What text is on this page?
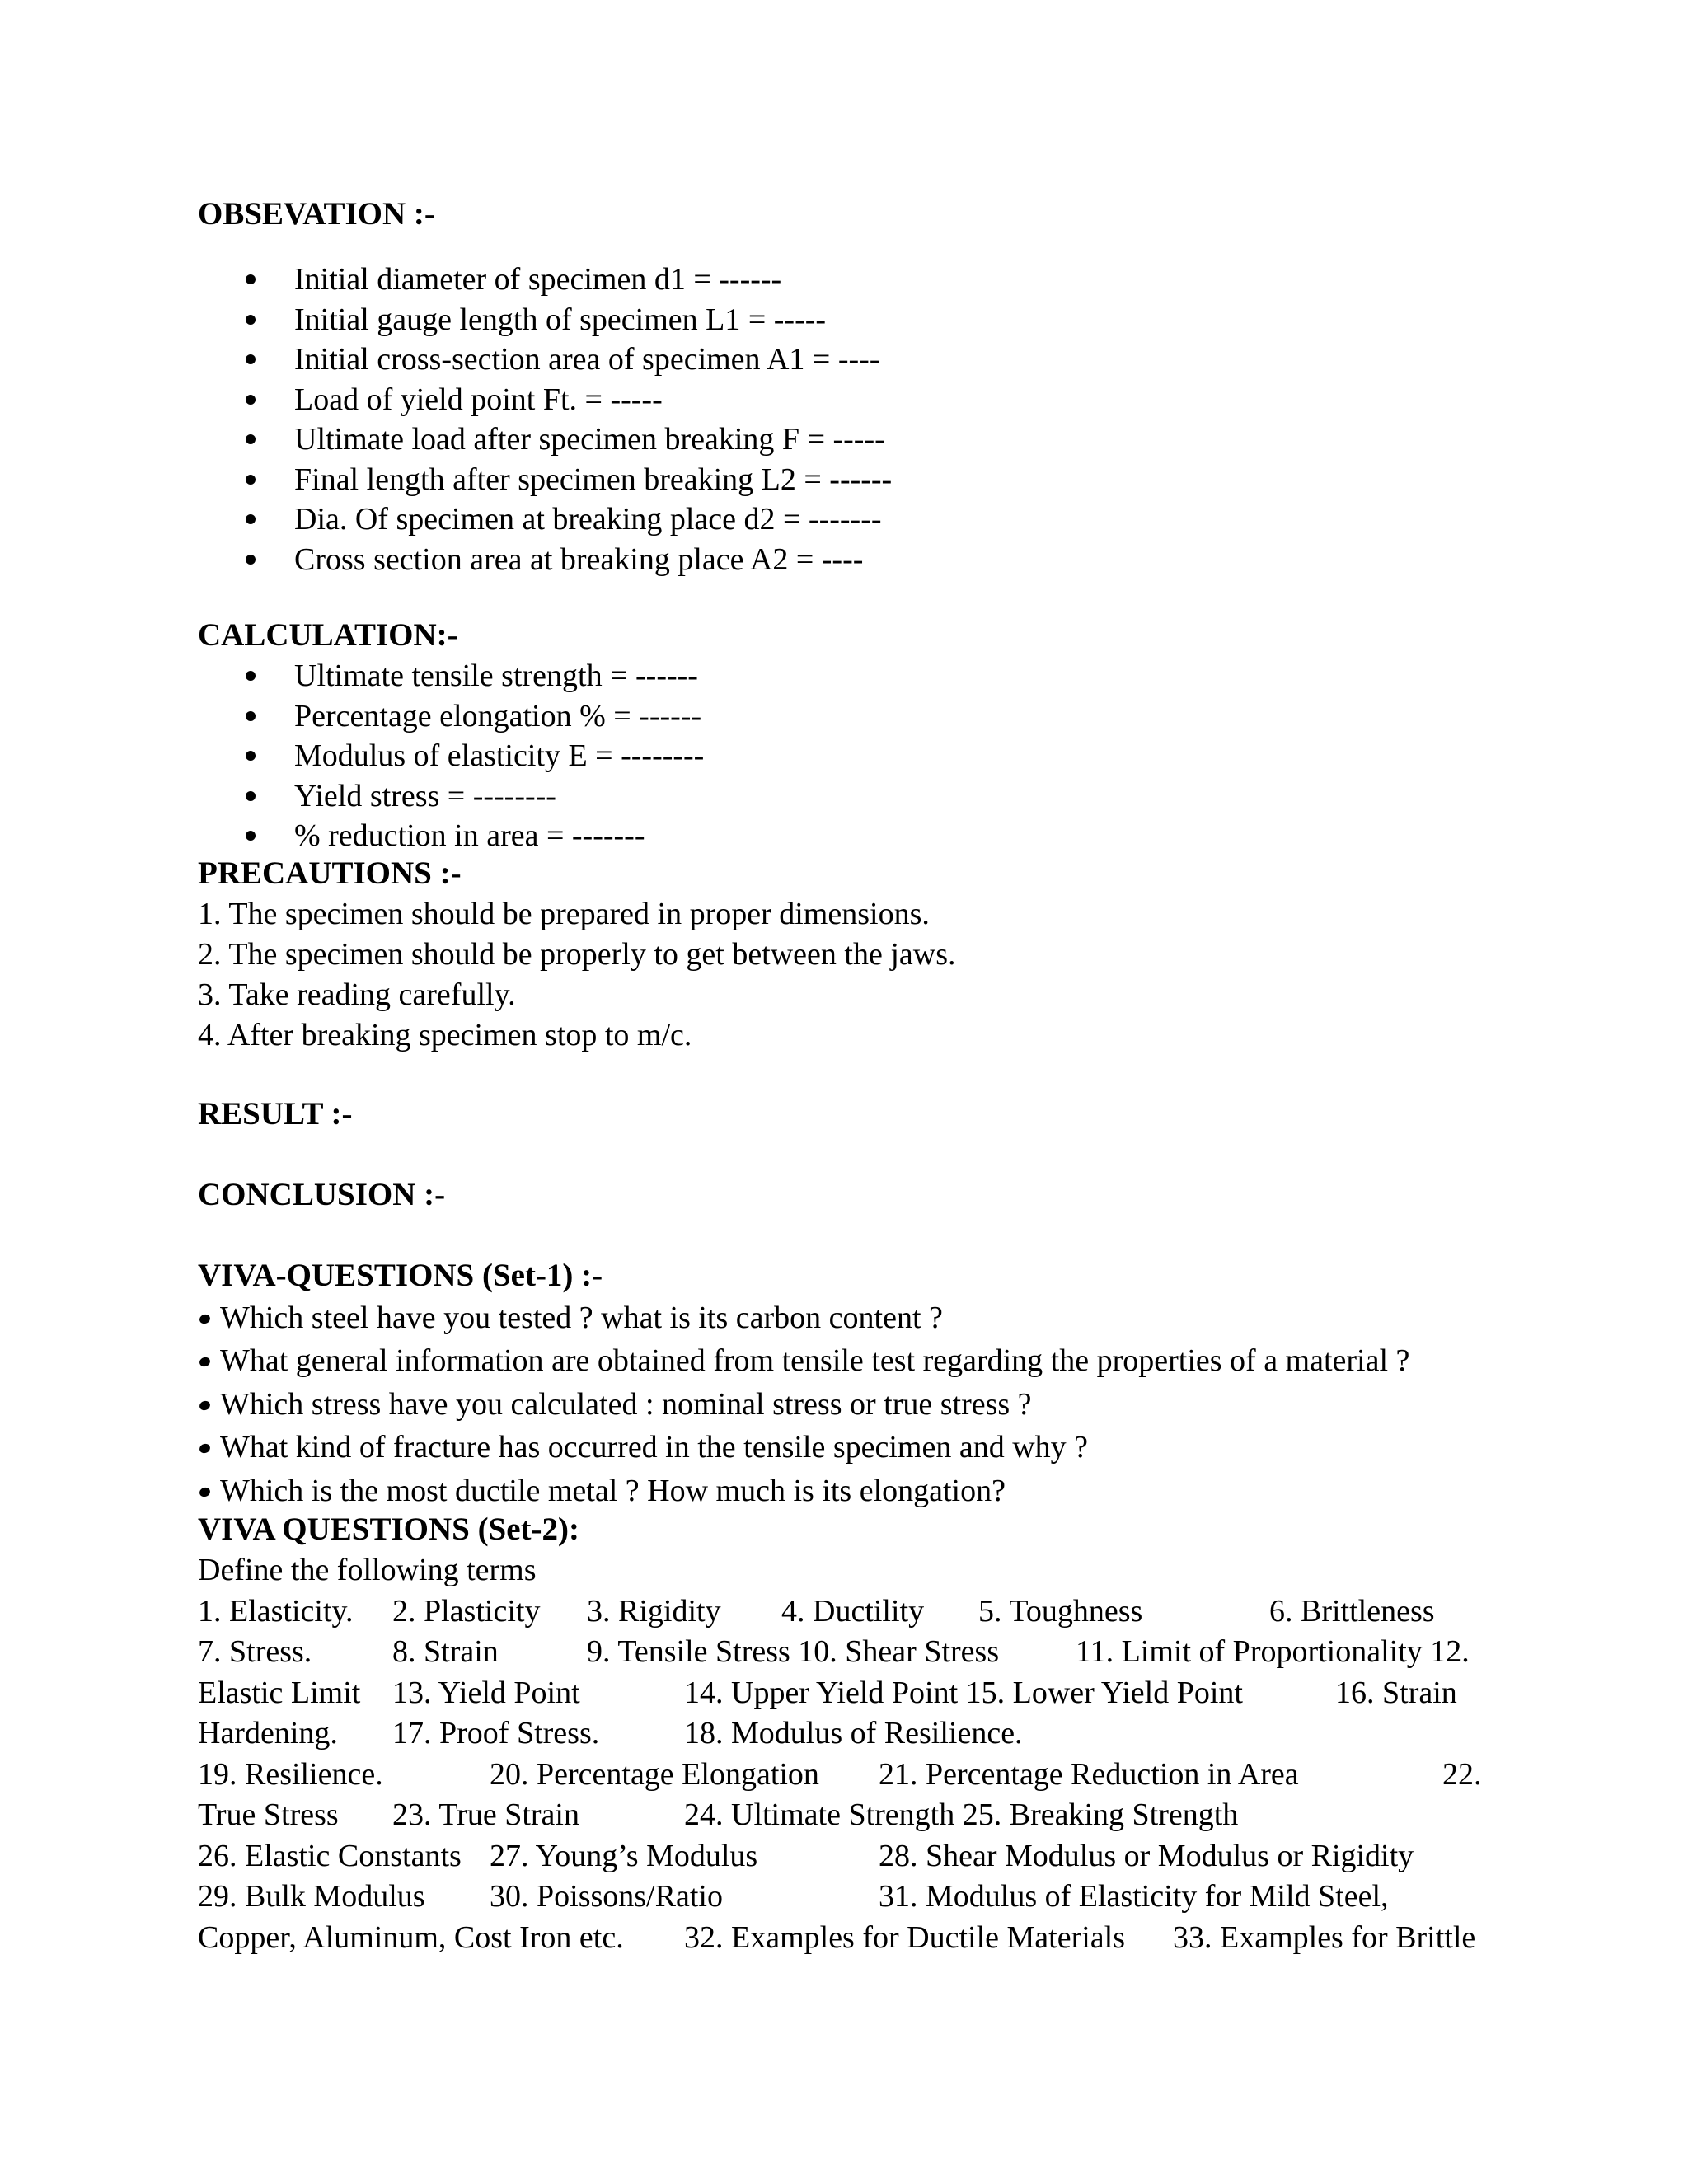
OBSEVATION :-
Initial diameter of specimen d1 = ------
Initial gauge length of specimen L1 = -----
Initial cross-section area of specimen A1 = ----
Load of yield point Ft. = -----
Ultimate load after specimen breaking F = -----
Final length after specimen breaking L2 = ------
Dia. Of specimen at breaking place d2 = -------
Cross section area at breaking place A2 = ----
CALCULATION:-
Ultimate tensile strength = ------
Percentage elongation % = ------
Modulus of elasticity E = --------
Yield stress = --------
% reduction in area = -------
PRECAUTIONS :-
1. The specimen should be prepared in proper dimensions.
2. The specimen should be properly to get between the jaws.
3. Take reading carefully.
4. After breaking specimen stop to m/c.
RESULT :-
CONCLUSION :-
VIVA-QUESTIONS (Set-1) :-
Which steel have you tested ? what is its carbon content ?
What general information are obtained from tensile test regarding the properties of a material ?
Which stress have you calculated : nominal stress or true stress ?
What kind of fracture has occurred in the tensile specimen and why ?
Which is the most ductile metal ? How much is its elongation?
VIVA QUESTIONS (Set-2):
Define the following terms

1. Elasticity.

2. Plasticity

3. Rigidity

4. Ductility

5. Toughness

	6. Brittleness

7. Stress.

	8. Strain

	9. Tensile Stress 10. Shear Stress

11. Limit of Proportionality 12.

Elastic Limit

13. Yield Point

	14. Upper Yield Point 15. Lower Yield Point

	16. Strain

Hardening.

17. Proof Stress.

	18. Modulus of Resilience.

19. Resilience.

	20. Percentage Elongation

21. Percentage Reduction in Area

	22.

True Stress

23. True Strain

	24. Ultimate Strength 25. Breaking Strength

26. Elastic Constants

27. Young’s Modulus

	28. Shear Modulus or Modulus or Rigidity

29. Bulk Modulus

30. Poissons/Ratio

	31. Modulus of Elasticity for Mild Steel,

Copper, Aluminum, Cost Iron etc.

32. Examples for Ductile Materials

33. Examples for Brittle
